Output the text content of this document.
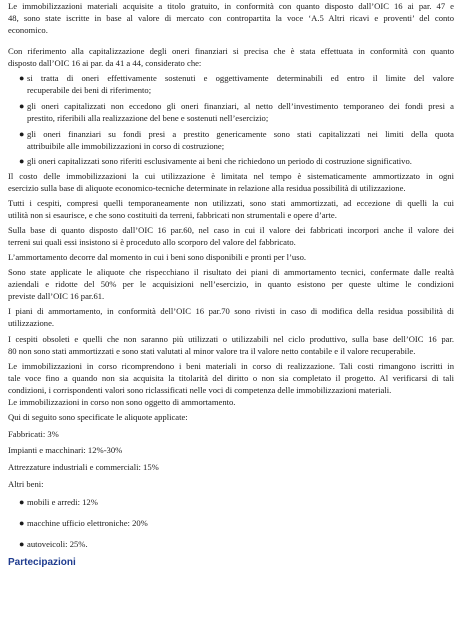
Le immobilizzazioni materiali acquisite a titolo gratuito, in conformità con quanto disposto dall’OIC 16 ai par. 47 e

48, sono state iscritte in base al valore di mercato con contropartita la voce ‘A.5 Altri ricavi e proventi’ del conto

economico.

Con riferimento alla capitalizzazione degli oneri finanziari si precisa che è stata effettuata in conformità con quanto

disposto dall’OIC 16 ai par. da 41 a 44, considerato che:

● si tratta di oneri effettivamente sostenuti e oggettivamente determinabili ed entro il limite del valore

recuperabile dei beni di riferimento;

● gli oneri capitalizzati non eccedono gli oneri finanziari, al netto dell’investimento temporaneo dei fondi presi a

prestito, riferibili alla realizzazione del bene e sostenuti nell’esercizio;

● gli oneri finanziari su fondi presi a prestito genericamente sono stati capitalizzati nei limiti della quota

attribuibile alle immobilizzazioni in corso di costruzione;

● gli oneri capitalizzati sono riferiti esclusivamente ai beni che richiedono un periodo di costruzione significativo.

Il costo delle immobilizzazioni la cui utilizzazione è limitata nel tempo è sistematicamente ammortizzato in ogni

esercizio sulla base di aliquote economico-tecniche determinate in relazione alla residua possibilità di utilizzazione.

Tutti i cespiti, compresi quelli temporaneamente non utilizzati, sono stati ammortizzati, ad eccezione di quelli la cui

utilità non si esaurisce, e che sono costituiti da terreni, fabbricati non strumentali e opere d’arte.

Sulla base di quanto disposto dall’OIC 16 par.60, nel caso in cui il valore dei fabbricati incorpori anche il valore dei

terreni sui quali essi insistono si è proceduto allo scorporo del valore del fabbricato.

L’ammortamento decorre dal momento in cui i beni sono disponibili e pronti per l’uso.

Sono state applicate le aliquote che rispecchiano il risultato dei piani di ammortamento tecnici, confermate dalle realtà

aziendali e ridotte del 50% per le acquisizioni nell’esercizio, in quanto esistono per queste ultime le condizioni

previste dall’OIC 16 par.61.

I piani di ammortamento, in conformità dell’OIC 16 par.70 sono rivisti in caso di modifica della residua possibilità di

utilizzazione.

I cespiti obsoleti e quelli che non saranno più utilizzati o utilizzabili nel ciclo produttivo, sulla base dell’OIC 16 par.

80 non sono stati ammortizzati e sono stati valutati al minor valore tra il valore netto contabile e il valore recuperabile.

Le immobilizzazioni in corso ricomprendono i beni materiali in corso di realizzazione. Tali costi rimangono iscritti in

tale voce fino a quando non sia acquisita la titolarità del diritto o non sia completato il progetto. Al verificarsi di tali

condizioni, i corrispondenti valori sono riclassificati nelle voci di competenza delle immobilizzazioni materiali.

Le immobilizzazioni in corso non sono oggetto di ammortamento.

Qui di seguito sono specificate le aliquote applicate:

Fabbricati: 3%

Impianti e macchinari: 12%-30%

Attrezzature industriali e commerciali: 15%

Altri beni:

● mobili e arredi: 12%

● macchine ufficio elettroniche: 20%

● autoveicoli: 25%.

Partecipazioni
